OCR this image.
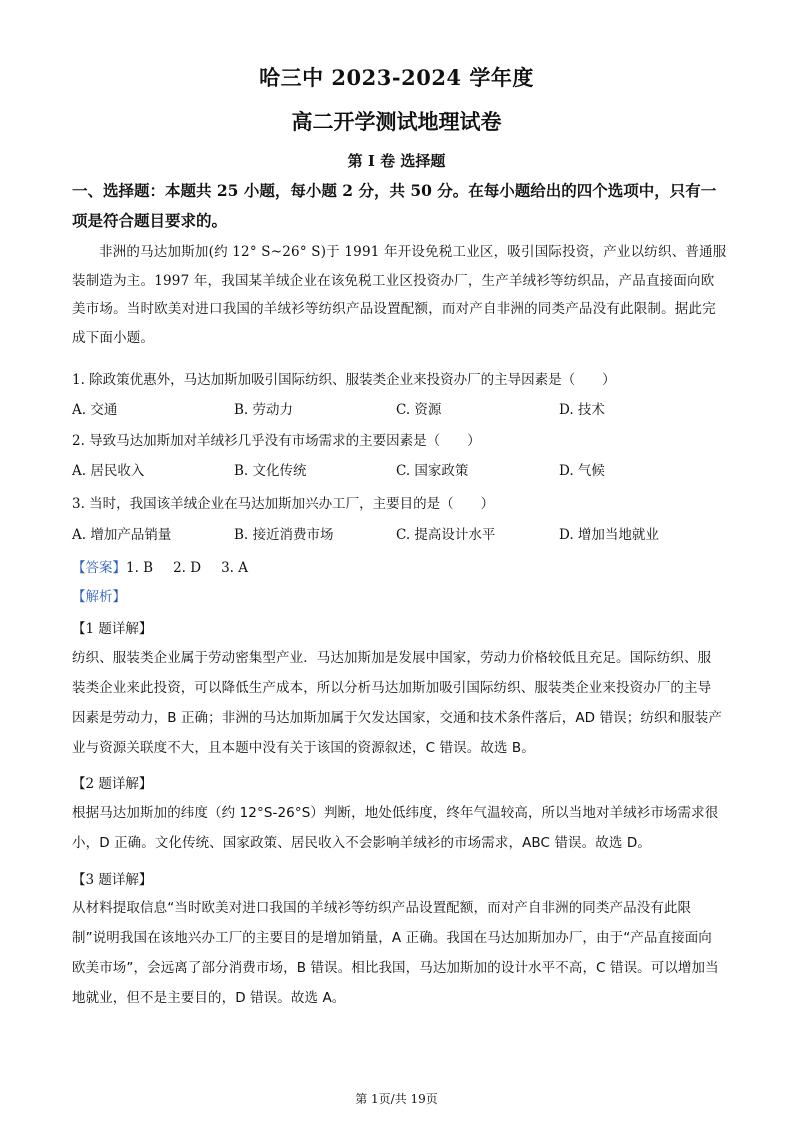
哈三中 2023-2024 学年度
高二开学测试地理试卷
第 I 卷 选择题
一、选择题：本题共 25 小题，每小题 2 分，共 50 分。在每小题给出的四个选项中，只有一项是符合题目要求的。
非洲的马达加斯加(约 12° S~26° S)于 1991 年开设免税工业区，吸引国际投资，产业以纺织、普通服装制造为主。1997 年，我国某羊绒企业在该免税工业区投资办厂，生产羊绒衫等纺织品，产品直接面向欧美市场。当时欧美对进口我国的羊绒衫等纺织产品设置配额，而对产自非洲的同类产品没有此限制。据此完成下面小题。
1. 除政策优惠外，马达加斯加吸引国际纺织、服装类企业来投资办厂的主导因素是（　　）
A. 交通	B. 劳动力	C. 资源	D. 技术
2. 导致马达加斯加对羊绒衫几乎没有市场需求的主要因素是（　　）
A. 居民收入	B. 文化传统	C. 国家政策	D. 气候
3. 当时，我国该羊绒企业在马达加斯加兴办工厂，主要目的是（　　）
A. 增加产品销量	B. 接近消费市场	C. 提高设计水平	D. 增加当地就业
【答案】1. B 2. D 3. A
【解析】
【1 题详解】
纺织、服装类企业属于劳动密集型产业．马达加斯加是发展中国家，劳动力价格较低且充足。国际纺织、服装类企业来此投资，可以降低生产成本，所以分析马达加斯加吸引国际纺织、服装类企业来投资办厂的主导因素是劳动力，B 正确；非洲的马达加斯加属于欠发达国家，交通和技术条件落后，AD 错误；纺织和服装产业与资源关联度不大，且本题中没有关于该国的资源叙述，C 错误。故选 B。
【2 题详解】
根据马达加斯加的纬度（约 12°S-26°S）判断，地处低纬度，终年气温较高，所以当地对羊绒衫市场需求很小，D 正确。文化传统、国家政策、居民收入不会影响羊绒衫的市场需求，ABC 错误。故选 D。
【3 题详解】
从材料提取信息“当时欧美对进口我国的羊绒衫等纺织产品设置配额，而对产自非洲的同类产品没有此限制”说明我国在该地兴办工厂的主要目的是增加销量，A 正确。我国在马达加斯加办厂，由于“产品直接面向欧美市场”，会远离了部分消费市场，B 错误。相比我国，马达加斯加的设计水平不高，C 错误。可以增加当地就业，但不是主要目的，D 错误。故选 A。
第 1页/共 19页
